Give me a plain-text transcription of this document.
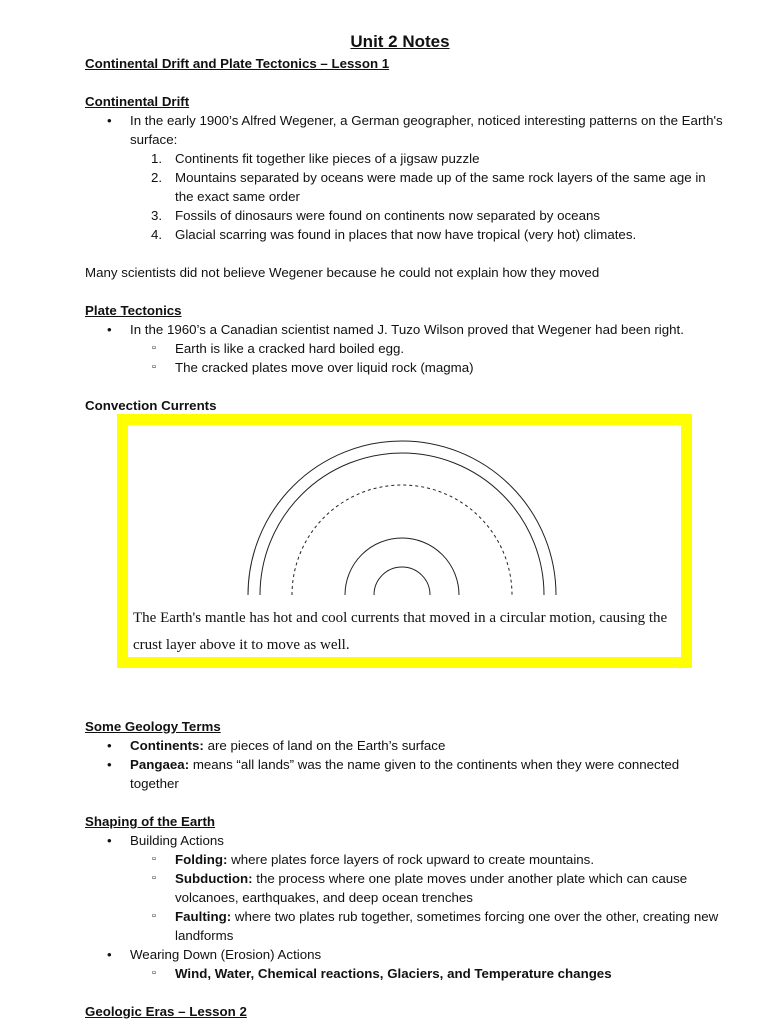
Unit 2 Notes
Continental Drift and Plate Tectonics – Lesson 1
Continental Drift
• In the early 1900’s Alfred Wegener, a German geographer, noticed interesting patterns on the Earth's surface:
1. Continents fit together like pieces of a jigsaw puzzle
2. Mountains separated by oceans were made up of the same rock layers of the same age in the exact same order
3. Fossils of dinosaurs were found on continents now separated by oceans
4. Glacial scarring was found in places that now have tropical (very hot) climates.
Many scientists did not believe Wegener because he could not explain how they moved
Plate Tectonics
• In the 1960’s a Canadian scientist named J. Tuzo Wilson proved that Wegener had been right.
▫ Earth is like a cracked hard boiled egg.
▫ The cracked plates move over liquid rock (magma)
Convection Currents
Some Geology Terms
• Continents: are pieces of land on the Earth’s surface
• Pangaea: means “all lands” was the name given to the continents when they were connected together
Shaping of the Earth
• Building Actions
▫ Folding: where plates force layers of rock upward to create mountains.
▫ Subduction: the process where one plate moves under another plate which can cause volcanoes, earthquakes, and deep ocean trenches
▫ Faulting: where two plates rub together, sometimes forcing one over the other, creating new landforms
• Wearing Down (Erosion) Actions
▫ Wind, Water, Chemical reactions, Glaciers, and Temperature changes
Geologic Eras – Lesson 2
The Earth's mantle has hot and cool currents that moved in a circular motion, causing the crust layer above it to move as well.
